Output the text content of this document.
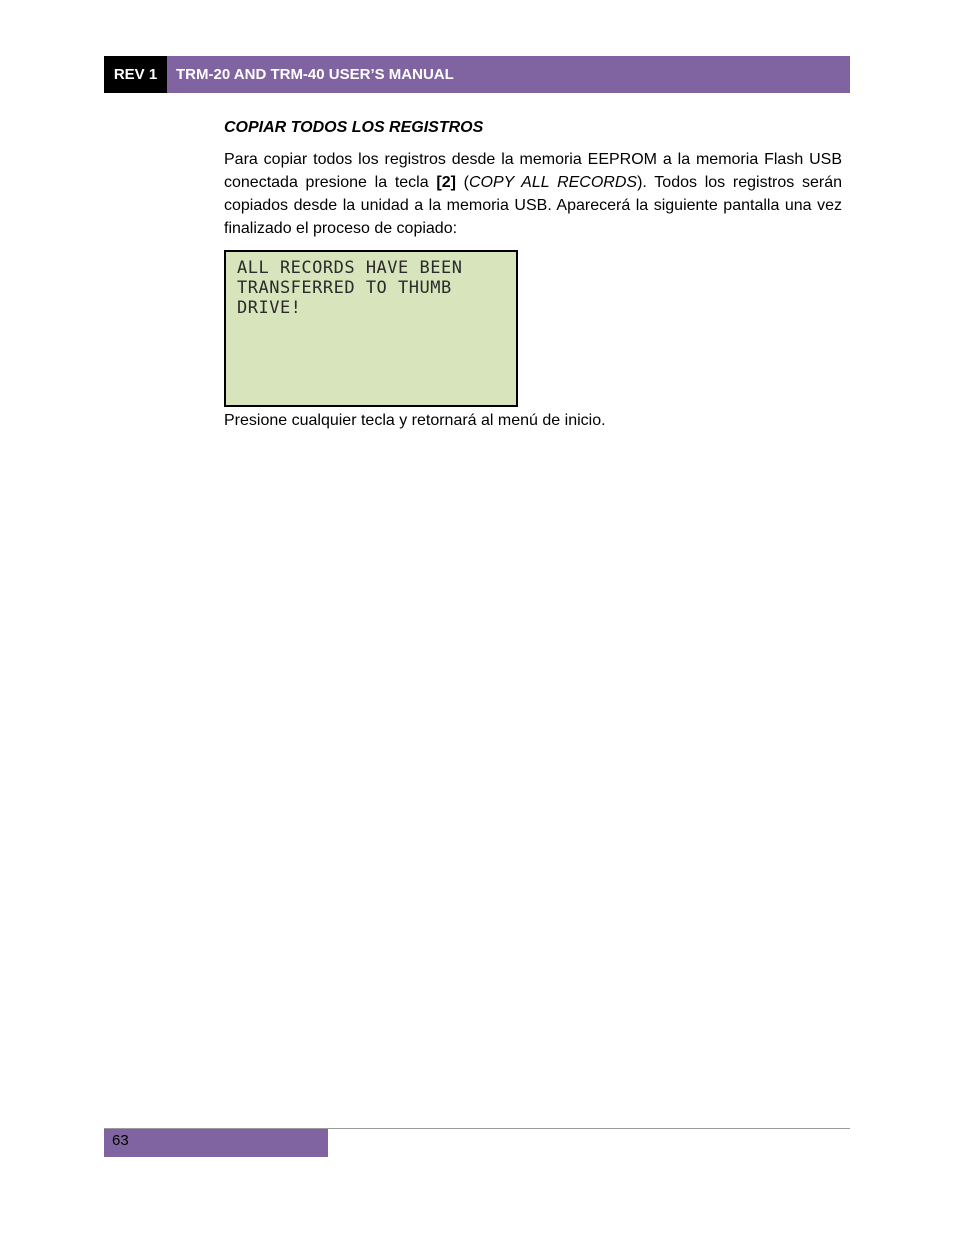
REV 1	TRM-20 AND TRM-40 USER’S MANUAL
COPIAR TODOS LOS REGISTROS

Para copiar todos los registros desde la memoria EEPROM a la memoria Flash USB conectada presione la tecla [2] (COPY ALL RECORDS). Todos los registros serán copiados desde la unidad a la memoria USB. Aparecerá la siguiente pantalla una vez finalizado el proceso de copiado:

ALL RECORDS HAVE BEEN
TRANSFERRED TO THUMB
DRIVE!

Presione cualquier tecla y retornará al menú de inicio.

63
